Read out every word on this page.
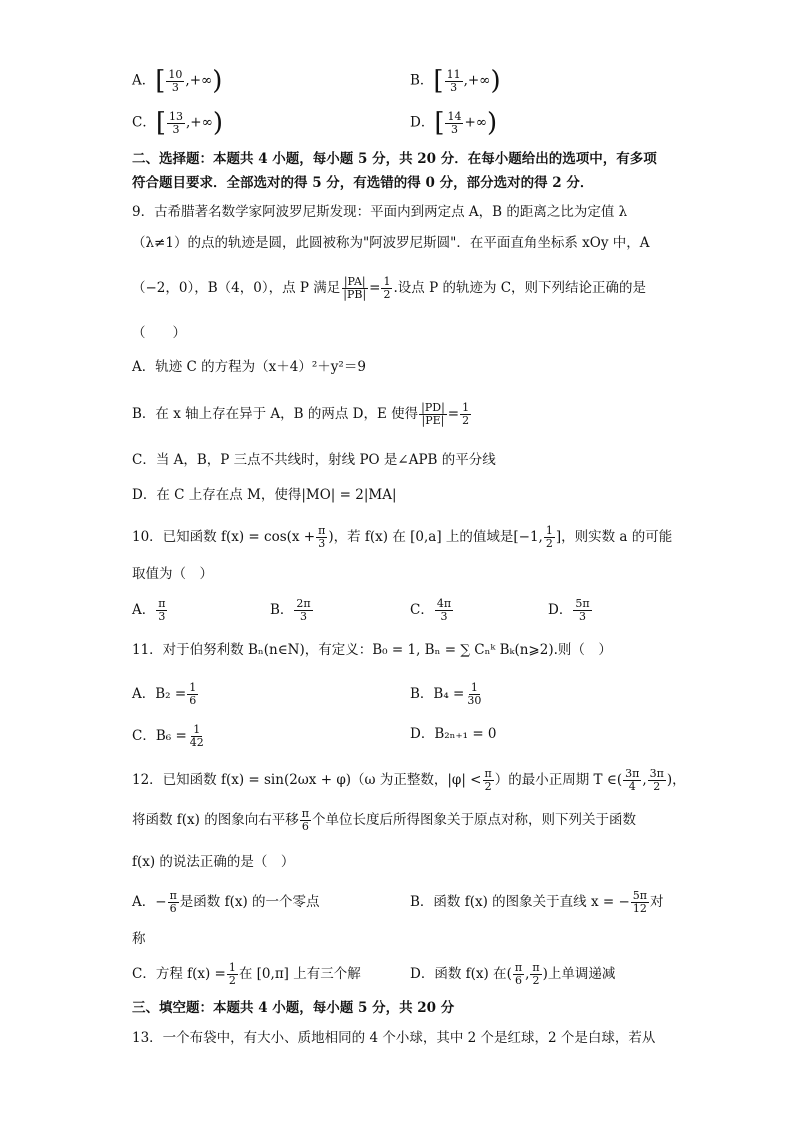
A．[ $\frac{10}{3}$ ,+∞)	B．[ $\frac{11}{3}$ ,+∞)
C．[ $\frac{13}{3}$ ,+∞)	D．[ $\frac{14}{3}$ +∞)
二、选择题：本题共 4 小题，每小题 5 分，共 20 分．在每小题给出的选项中，有多项
符合题目要求．全部选对的得 5 分，有选错的得 0 分，部分选对的得 2 分．
9．古希腊著名数学家阿波罗尼斯发现：平面内到两定点 A，B 的距离之比为定值 λ
（λ≠1）的点的轨迹是圆，此圆被称为"阿波罗尼斯圆"．在平面直角坐标系 xOy 中，A
（−2，0），B（4，0），点 P 满足 $\frac{|PA|}{|PB|} = \frac{1}{2}$ .设点 P 的轨迹为 C，则下列结论正确的是
（　　）
A．轨迹 C 的方程为（x＋4）²＋y²＝9
B．在 x 轴上存在异于 A，B 的两点 D，E 使得 $\frac{|PD|}{|PE|} = \frac{1}{2}$
C．当 A，B，P 三点不共线时，射线 PO 是∠APB 的平分线
D．在 C 上存在点 M，使得|MO| = 2|MA|
10．已知函数 $f(x) = \cos(x + \frac{\pi}{3}$ )，若 f(x) 在 [0,a] 上的值域是[−1, $\frac{1}{2}$ ]，则实数 a 的可能
取值为（　）
A． $\frac{\pi}{3}$	B． $\frac{2\pi}{3}$	C． $\frac{4\pi}{3}$	D． $\frac{5\pi}{3}$
11．对于伯努利数 Bₙ(n∈N)，有定义：B₀ = 1, Bₙ = ∑ Cₙᵏ Bₖ(n⩾2).则（　）
A．$B_2 = \frac{1}{6}$	B．$B_4 = \frac{1}{30}$
C．$B_6 = \frac{1}{42}$	D．B₂ₙ₊₁ = 0
12．已知函数 f(x) = sin(2ωx + φ)（ω 为正整数，$|\varphi| < \frac{\pi}{2}$ ）的最小正周期 T ∈( $\frac{3\pi}{4}$ , $\frac{3\pi}{2}$ )，
将函数 f(x) 的图象向右平移 $\frac{\pi}{6}$ 个单位长度后所得图象关于原点对称，则下列关于函数
f(x) 的说法正确的是（　）
A．− $\frac{\pi}{6}$ 是函数 f(x) 的一个零点	B．函数 f(x) 的图象关于直线 x = − $\frac{5\pi}{12}$ 对
称
C．方程 $f(x) = \frac{1}{2}$ 在 [0,π] 上有三个解	D．函数 f(x) 在( $\frac{\pi}{6}$ , $\frac{\pi}{2}$ )上单调递减
三、填空题：本题共 4 小题，每小题 5 分，共 20 分
13．一个布袋中，有大小、质地相同的 4 个小球，其中 2 个是红球，2 个是白球，若从
